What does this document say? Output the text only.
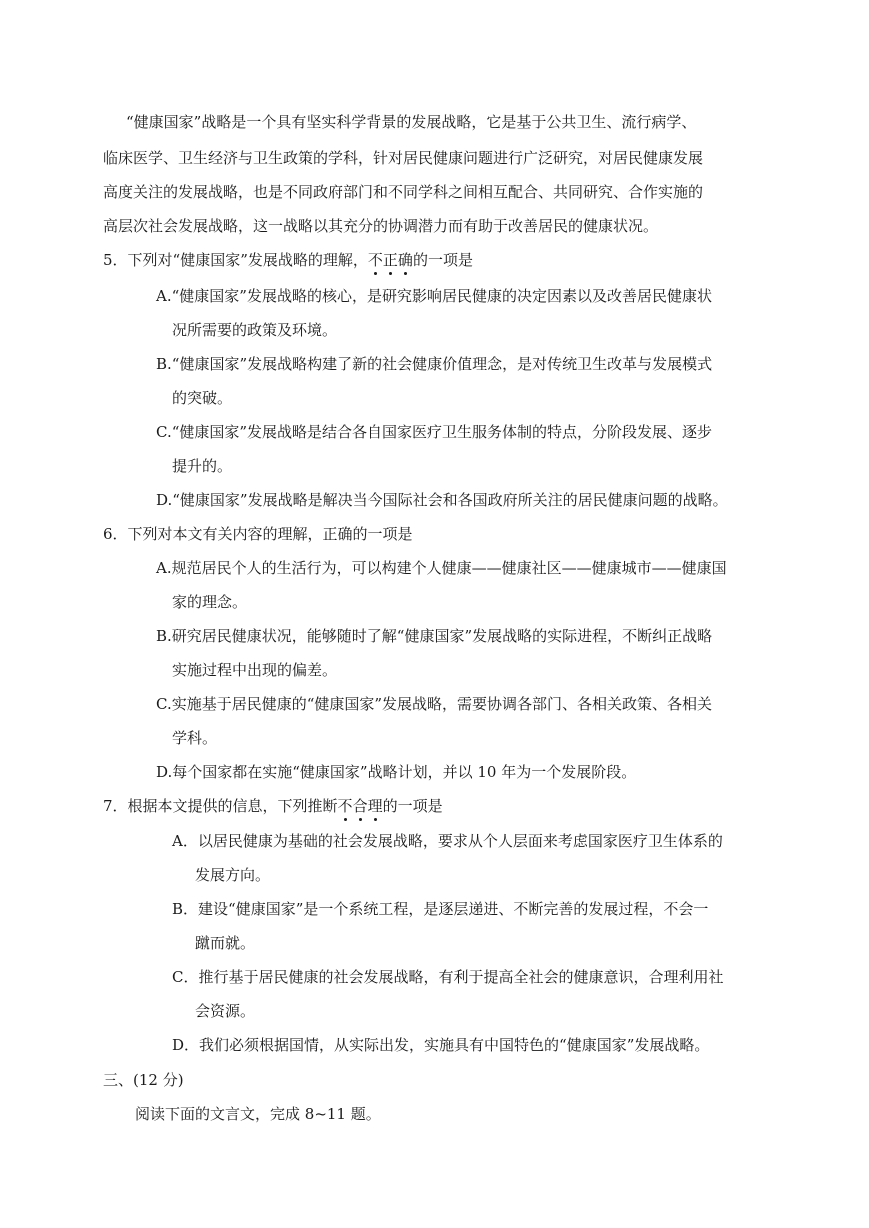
“健康国家”战略是一个具有坚实科学背景的发展战略，它是基于公共卫生、流行病学、
临床医学、卫生经济与卫生政策的学科，针对居民健康问题进行广泛研究，对居民健康发展
高度关注的发展战略，也是不同政府部门和不同学科之间相互配合、共同研究、合作实施的
高层次社会发展战略，这一战略以其充分的协调潜力而有助于改善居民的健康状况。
5．下列对“健康国家”发展战略的理解，不正确的一项是
A.“健康国家”发展战略的核心，是研究影响居民健康的决定因素以及改善居民健康状
况所需要的政策及环境。
B.“健康国家”发展战略构建了新的社会健康价值理念，是对传统卫生改革与发展模式
的突破。
C.“健康国家”发展战略是结合各自国家医疗卫生服务体制的特点，分阶段发展、逐步
提升的。
D.“健康国家”发展战略是解决当今国际社会和各国政府所关注的居民健康问题的战略。
6．下列对本文有关内容的理解，正确的一项是
A.规范居民个人的生活行为，可以构建个人健康——健康社区——健康城市——健康国
家的理念。
B.研究居民健康状况，能够随时了解“健康国家”发展战略的实际进程，不断纠正战略
实施过程中出现的偏差。
C.实施基于居民健康的“健康国家”发展战略，需要协调各部门、各相关政策、各相关
学科。
D.每个国家都在实施“健康国家”战略计划，并以 10 年为一个发展阶段。
7．根据本文提供的信息，下列推断不合理的一项是
A．以居民健康为基础的社会发展战略，要求从个人层面来考虑国家医疗卫生体系的
发展方向。
B．建设“健康国家”是一个系统工程，是逐层递进、不断完善的发展过程，不会一
蹴而就。
C．推行基于居民健康的社会发展战略，有利于提高全社会的健康意识，合理利用社
会资源。
D．我们必须根据国情，从实际出发，实施具有中国特色的“健康国家”发展战略。
三、(12 分)
阅读下面的文言文，完成 8~11 题。
